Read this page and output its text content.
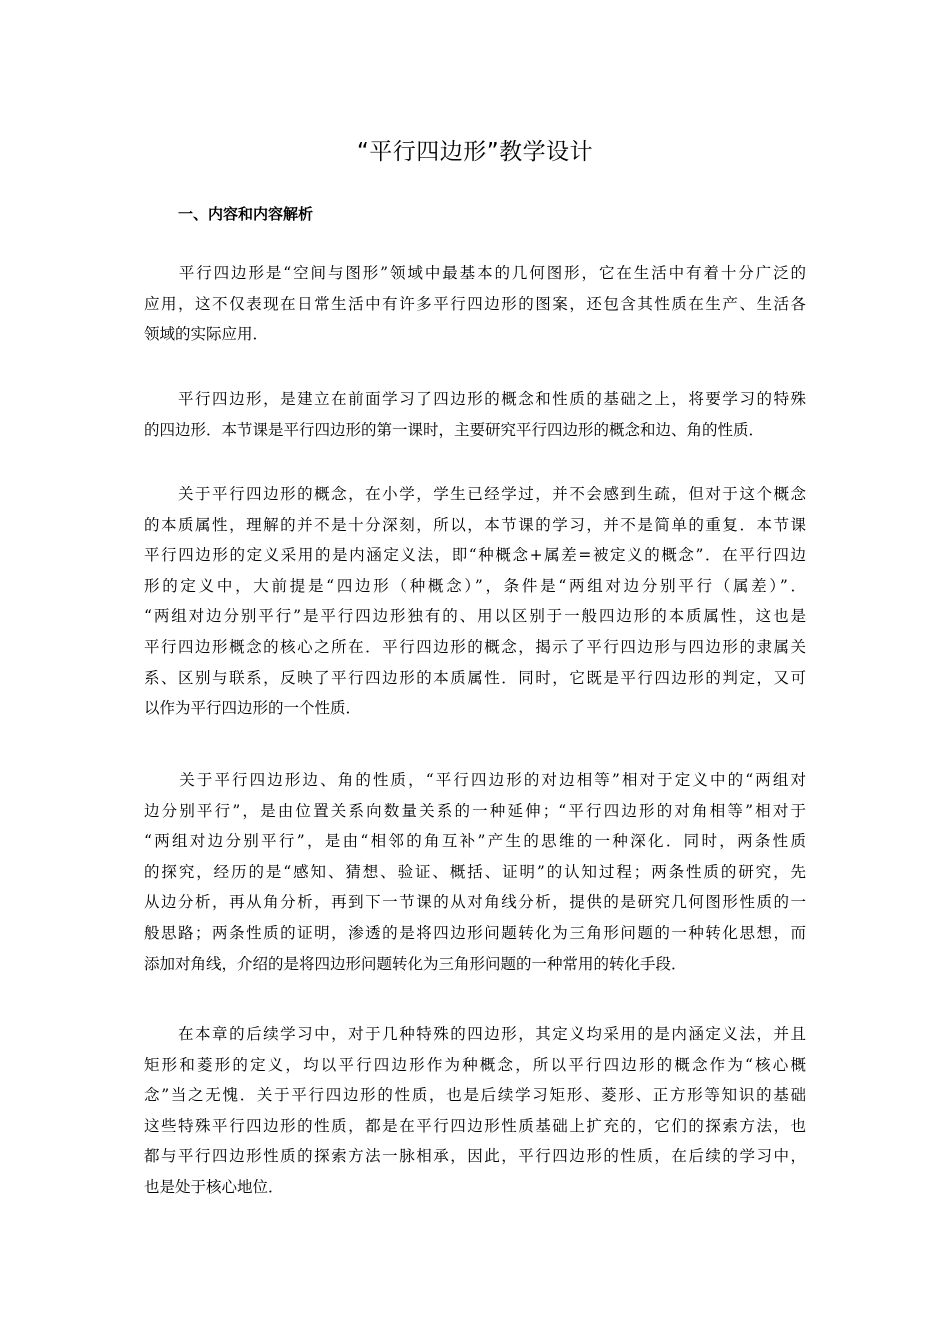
“平行四边形”教学设计
一、内容和内容解析
　　平行四边形是“空间与图形”领域中最基本的几何图形，它在生活中有着十分广泛的
应用，这不仅表现在日常生活中有许多平行四边形的图案，还包含其性质在生产、生活各
领域的实际应用．
　　平行四边形，是建立在前面学习了四边形的概念和性质的基础之上，将要学习的特殊
的四边形．本节课是平行四边形的第一课时，主要研究平行四边形的概念和边、角的性质．
　　关于平行四边形的概念，在小学，学生已经学过，并不会感到生疏，但对于这个概念
的本质属性，理解的并不是十分深刻，所以，本节课的学习，并不是简单的重复．本节课
平行四边形的定义采用的是内涵定义法，即“种概念+属差=被定义的概念”．在平行四边
形的定义中，大前提是“四边形（种概念）”，条件是“两组对边分别平行（属差）”．
“两组对边分别平行”是平行四边形独有的、用以区别于一般四边形的本质属性，这也是
平行四边形概念的核心之所在．平行四边形的概念，揭示了平行四边形与四边形的隶属关
系、区别与联系，反映了平行四边形的本质属性．同时，它既是平行四边形的判定，又可
以作为平行四边形的一个性质．
　　关于平行四边形边、角的性质，“平行四边形的对边相等”相对于定义中的“两组对
边分别平行”，是由位置关系向数量关系的一种延伸；“平行四边形的对角相等”相对于
“两组对边分别平行”，是由“相邻的角互补”产生的思维的一种深化．同时，两条性质
的探究，经历的是“感知、猜想、验证、概括、证明”的认知过程；两条性质的研究，先
从边分析，再从角分析，再到下一节课的从对角线分析，提供的是研究几何图形性质的一
般思路；两条性质的证明，渗透的是将四边形问题转化为三角形问题的一种转化思想，而
添加对角线，介绍的是将四边形问题转化为三角形问题的一种常用的转化手段．
　　在本章的后续学习中，对于几种特殊的四边形，其定义均采用的是内涵定义法，并且
矩形和菱形的定义，均以平行四边形作为种概念，所以平行四边形的概念作为“核心概
念”当之无愧．关于平行四边形的性质，也是后续学习矩形、菱形、正方形等知识的基础
这些特殊平行四边形的性质，都是在平行四边形性质基础上扩充的，它们的探索方法，也
都与平行四边形性质的探索方法一脉相承，因此，平行四边形的性质，在后续的学习中，
也是处于核心地位．
